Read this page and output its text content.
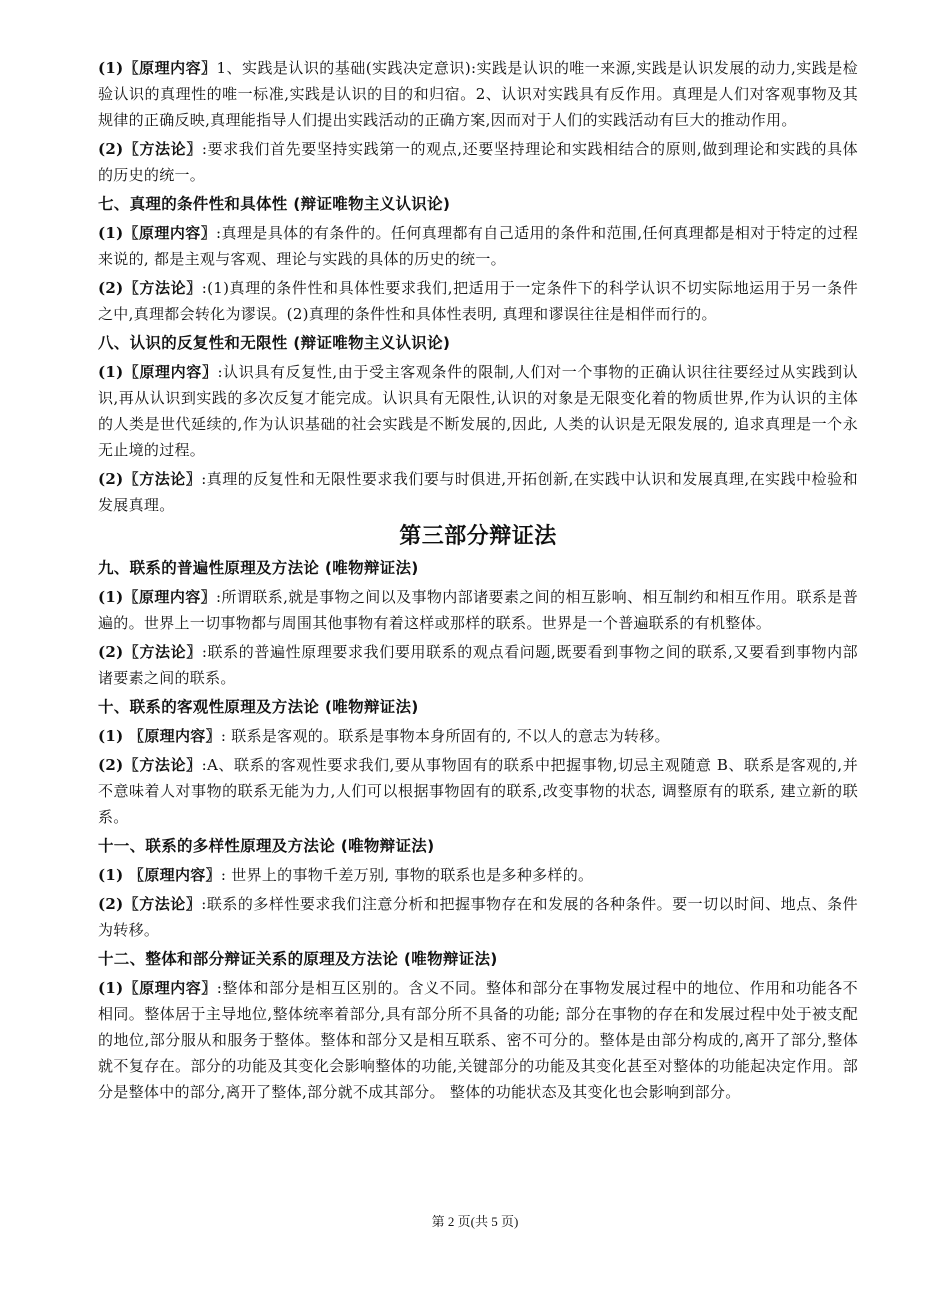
(1)〖原理内容〗1、实践是认识的基础(实践决定意识):实践是认识的唯一来源,实践是认识发展的动力,实践是检验认识的真理性的唯一标准,实践是认识的目的和归宿。2、认识对实践具有反作用。真理是人们对客观事物及其规律的正确反映,真理能指导人们提出实践活动的正确方案,因而对于人们的实践活动有巨大的推动作用。

(2)〖方法论〗:要求我们首先要坚持实践第一的观点,还要坚持理论和实践相结合的原则,做到理论和实践的具体的历史的统一。

七、真理的条件性和具体性 (辩证唯物主义认识论)

(1)〖原理内容〗:真理是具体的有条件的。任何真理都有自己适用的条件和范围,任何真理都是相对于特定的过程来说的, 都是主观与客观、理论与实践的具体的历史的统一。

(2)〖方法论〗:(1)真理的条件性和具体性要求我们,把适用于一定条件下的科学认识不切实际地运用于另一条件之中,真理都会转化为谬误。(2)真理的条件性和具体性表明, 真理和谬误往往是相伴而行的。

八、认识的反复性和无限性 (辩证唯物主义认识论)

(1)〖原理内容〗:认识具有反复性,由于受主客观条件的限制,人们对一个事物的正确认识往往要经过从实践到认识,再从认识到实践的多次反复才能完成。认识具有无限性,认识的对象是无限变化着的物质世界,作为认识的主体的人类是世代延续的,作为认识基础的社会实践是不断发展的,因此, 人类的认识是无限发展的, 追求真理是一个永无止境的过程。

(2)〖方法论〗:真理的反复性和无限性要求我们要与时俱进,开拓创新,在实践中认识和发展真理,在实践中检验和发展真理。

第三部分辩证法
九、联系的普遍性原理及方法论 (唯物辩证法)

(1)〖原理内容〗:所谓联系,就是事物之间以及事物内部诸要素之间的相互影响、相互制约和相互作用。联系是普遍的。世界上一切事物都与周围其他事物有着这样或那样的联系。世界是一个普遍联系的有机整体。

(2)〖方法论〗:联系的普遍性原理要求我们要用联系的观点看问题,既要看到事物之间的联系,又要看到事物内部诸要素之间的联系。

十、联系的客观性原理及方法论 (唯物辩证法)

(1) 〖原理内容〗: 联系是客观的。联系是事物本身所固有的, 不以人的意志为转移。

(2)〖方法论〗:A、联系的客观性要求我们,要从事物固有的联系中把握事物,切忌主观随意 B、联系是客观的,并不意味着人对事物的联系无能为力,人们可以根据事物固有的联系,改变事物的状态, 调整原有的联系, 建立新的联系。

十一、联系的多样性原理及方法论 (唯物辩证法)

(1) 〖原理内容〗: 世界上的事物千差万别, 事物的联系也是多种多样的。

(2)〖方法论〗:联系的多样性要求我们注意分析和把握事物存在和发展的各种条件。要一切以时间、地点、条件为转移。

十二、整体和部分辩证关系的原理及方法论 (唯物辩证法)

(1)〖原理内容〗:整体和部分是相互区别的。含义不同。整体和部分在事物发展过程中的地位、作用和功能各不相同。整体居于主导地位,整体统率着部分,具有部分所不具备的功能; 部分在事物的存在和发展过程中处于被支配的地位,部分服从和服务于整体。整体和部分又是相互联系、密不可分的。整体是由部分构成的,离开了部分,整体就不复存在。部分的功能及其变化会影响整体的功能,关键部分的功能及其变化甚至对整体的功能起决定作用。部分是整体中的部分,离开了整体,部分就不成其部分。 整体的功能状态及其变化也会影响到部分。

第 2 页(共 5 页)
